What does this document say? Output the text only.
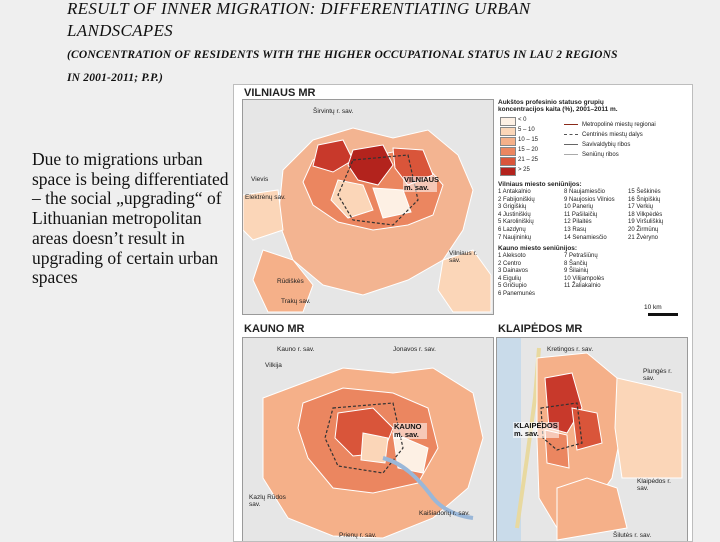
RESULT OF INNER MIGRATION: DIFFERENTIATING URBAN LANDSCAPES
(CONCENTRATION OF RESIDENTS WITH THE HIGHER OCCUPATIONAL STATUS IN LAU 2 REGIONS IN 2001-2011; P.P.)
Due to migrations urban space is being differentiated – the social „upgrading“ of Lithuanian metropolitan areas doesn’t result in upgrading of certain urban spaces
VILNIAUS MR
Širvintų r. sav.
Vievis
Elektrėnų sav.
VILNIAUS m. sav.
Vilniaus r. sav.
Rūdiškės
Trakų sav.
Aukštos profesinio statuso grupių koncentracijos kaita (%), 2001–2011 m.
< 0
5 – 10
10 – 15
15 – 20
21 – 25
> 25
Metropolinė miestų regionai
Centrinės miestų dalys
Savivaldybių ribos
Seniūnų ribos
Vilniaus miesto seniūnijos:
1 Antakalnio
2 Fabijoniškių
3 Grigiškių
4 Justiniškių
5 Karoliniškių
6 Lazdynų
7 Naujininkų
8 Naujamiesčio
9 Naujosios Vilnios
10 Panerių
11 Pašilaičių
12 Pilaitės
13 Rasų
14 Senamiesčio
15 Šeškinės
16 Šnipiškių
17 Verkių
18 Vilkpėdės
19 Viršuliškių
20 Žirmūnų
21 Žvėryno
Kauno miesto seniūnijos:
1 Aleksoto
2 Centro
3 Dainavos
4 Eigulių
5 Gričiupio
6 Panemunės
7 Petrašiūnų
8 Šančių
9 Šilainių
10 Vilijampolės
11 Žaliakalnio
10 km
KAUNO MR
Kauno r. sav.	Jonavos r. sav.
Vilkija
KAUNO m. sav.
Kazlų Rūdos sav.
Kaišiadorių r. sav.
Prienų r. sav.
KLAIPĖDOS MR
Kretingos r. sav.
Plungės r. sav.
KLAIPĖDOS m. sav.
Klaipėdos r. sav.
Šilutės r. sav.
